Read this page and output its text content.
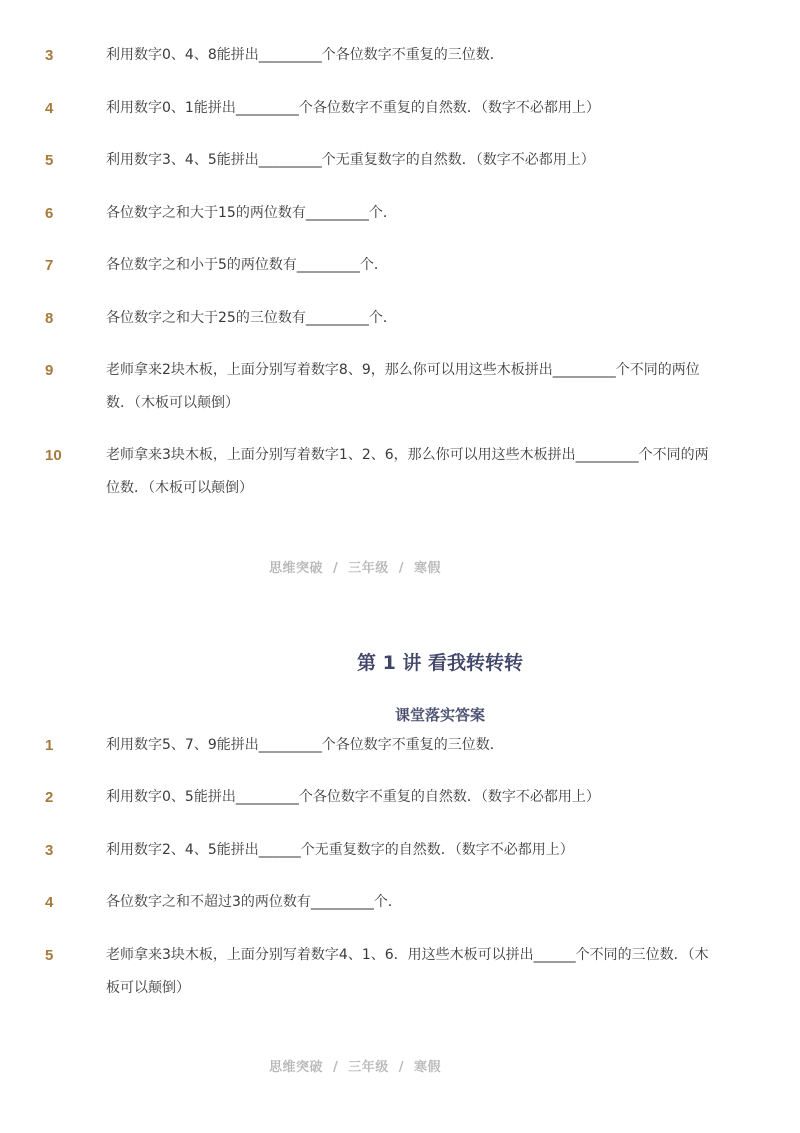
3	利用数字0、4、8能拼出_________个各位数字不重复的三位数．
4	利用数字0、1能拼出_________个各位数字不重复的自然数．（数字不必都用上）
5	利用数字3、4、5能拼出_________个无重复数字的自然数．（数字不必都用上）
6	各位数字之和大于15的两位数有_________个．
7	各位数字之和小于5的两位数有_________个．
8	各位数字之和大于25的三位数有_________个．
9	老师拿来2块木板，上面分别写着数字8、9，那么你可以用这些木板拼出_________个不同的两位数．（木板可以颠倒）
10	老师拿来3块木板，上面分别写着数字1、2、6，那么你可以用这些木板拼出_________个不同的两位数．（木板可以颠倒）
思维突破 / 三年级 / 寒假
第 1 讲 看我转转转
课堂落实答案
1	利用数字5、7、9能拼出_________个各位数字不重复的三位数．
2	利用数字0、5能拼出_________个各位数字不重复的自然数．（数字不必都用上）
3	利用数字2、4、5能拼出______个无重复数字的自然数．（数字不必都用上）
4	各位数字之和不超过3的两位数有_________个．
5	老师拿来3块木板，上面分别写着数字4、1、6．用这些木板可以拼出______个不同的三位数．（木板可以颠倒）
思维突破 / 三年级 / 寒假
